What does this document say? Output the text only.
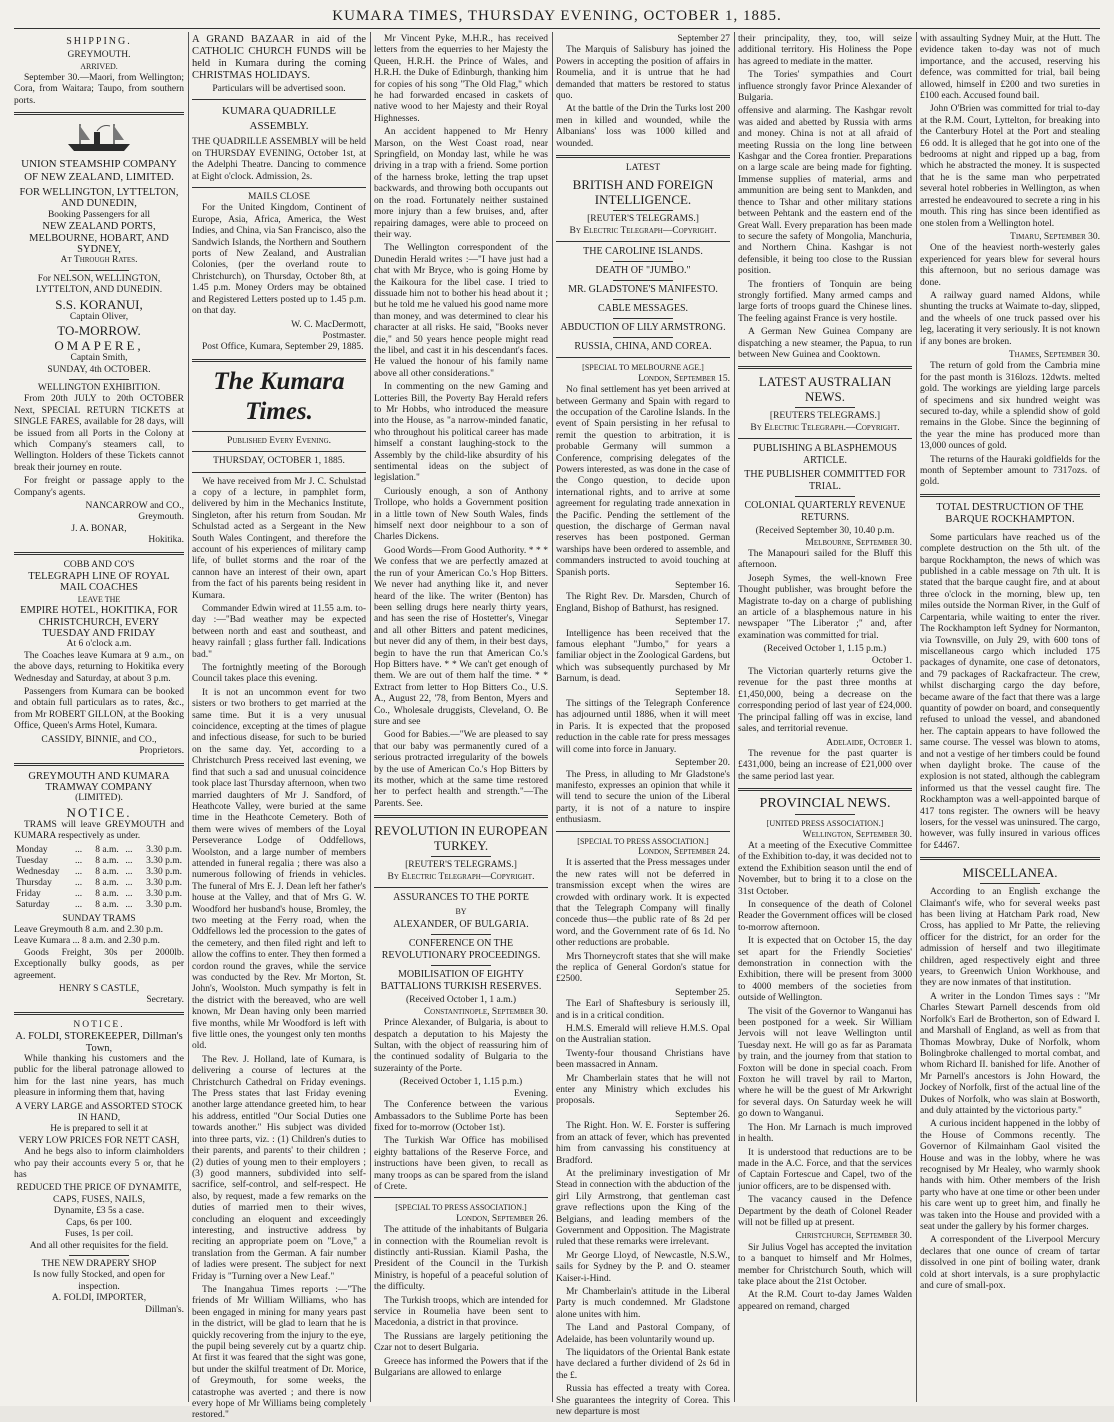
KUMARA TIMES, THURSDAY EVENING, OCTOBER 1, 1885.
SHIPPING.
GREYMOUTH.
ARRIVED.

September 30.—Maori, from Wellington; Cora, from Waitara; Taupo, from southern ports.

UNION STEAMSHIP COMPANY OF NEW ZEALAND, LIMITED.
FOR WELLINGTON, LYTTELTON, AND DUNEDIN,
Booking Passengers for all
NEW ZEALAND PORTS, MELBOURNE, HOBART, AND SYDNEY,
At Through Rates.
For NELSON, WELLINGTON, LYTTELTON, AND DUNEDIN.
S.S. KORANUI,
Captain Oliver,
TO-MORROW.
OMAPERE,
Captain Smith,
SUNDAY, 4th OCTOBER.
WELLINGTON EXHIBITION.

From 20th JULY to 20th OCTOBER Next, SPECIAL RETURN TICKETS at SINGLE FARES, available for 28 days, will be issued from all Ports in the Colony at which Company's steamers call, to Wellington. Holders of these Tickets cannot break their journey en route.

For freight or passage apply to the Company's agents.

NANCARROW and CO.,
Greymouth.
J. A. BONAR,
Hokitika.
COBB AND CO'S
TELEGRAPH LINE OF ROYAL MAIL COACHES
LEAVE THE
EMPIRE HOTEL, HOKITIKA, FOR CHRISTCHURCH, EVERY TUESDAY AND FRIDAY
At 6 o'clock a.m.

The Coaches leave Kumara at 9 a.m., on the above days, returning to Hokitika every Wednesday and Saturday, at about 3 p.m.

Passengers from Kumara can be booked and obtain full particulars as to rates, &c., from Mr ROBERT GILLON, at the Booking Office, Queen's Arms Hotel, Kumara.

CASSIDY, BINNIE, and CO.,
Proprietors.
GREYMOUTH AND KUMARA TRAMWAY COMPANY
(LIMITED).
NOTICE.

TRAMS will leave GREYMOUTH and KUMARA respectively as under.

Monday	...	8 a.m.	...	3.30 p.m.
Tuesday	...	8 a.m.	...	3.30 p.m.
Wednesday	...	8 a.m.	...	3.30 p.m.
Thursday	...	8 a.m.	...	3.30 p.m.
Friday	...	8 a.m.	...	3.30 p.m.
Saturday	...	8 a.m.	...	3.30 p.m.
SUNDAY TRAMS
Leave Greymouth 8 a.m. and 2.30 p.m.
Leave Kumara ... 8 a.m. and 2.30 p.m.

Goods Freight, 30s per 2000lb. Exceptionally bulky goods, as per agreement.

HENRY S CASTLE,
Secretary.
NOTICE.
A. FOLDI, STOREKEEPER, Dillman's Town,

While thanking his customers and the public for the liberal patronage allowed to him for the last nine years, has much pleasure in informing them that, having

A VERY LARGE and ASSORTED STOCK IN HAND,
He is prepared to sell it at
VERY LOW PRICES FOR NETT CASH,

And he begs also to inform claimholders who pay their accounts every 5 or, that he has

REDUCED THE PRICE OF DYNAMITE, CAPS, FUSES, NAILS,
Dynamite, £3 5s a case.
Caps, 6s per 100.
Fuses, 1s per coil.
And all other requisites for the field.
THE NEW DRAPERY SHOP
Is now fully Stocked, and open for inspection.
A. FOLDI, IMPORTER,
Dillman's.

A GRAND BAZAAR in aid of the CATHOLIC CHURCH FUNDS will be held in Kumara during the coming CHRISTMAS HOLIDAYS.

Particulars will be advertised soon.
KUMARA QUADRILLE ASSEMBLY.

THE QUADRILLE ASSEMBLY will be held on THURSDAY EVENING, October 1st, at the Adelphi Theatre. Dancing to commence at Eight o'clock. Admission, 2s.

MAILS CLOSE

For the United Kingdom, Continent of Europe, Asia, Africa, America, the West Indies, and China, via San Francisco, also the Sandwich Islands, the Northern and Southern ports of New Zealand, and Australian Colonies, (per the overland route to Christchurch), on Thursday, October 8th, at 1.45 p.m. Money Orders may be obtained and Registered Letters posted up to 1.45 p.m. on that day.

W. C. MacDermott,
Postmaster.

Post Office, Kumara, September 29, 1885.

The Kumara Times.
Published Every Evening.
THURSDAY, OCTOBER 1, 1885.

We have received from Mr J. C. Schulstad a copy of a lecture, in pamphlet form, delivered by him in the Mechanics Institute, Singleton, after his return from Soudan. Mr Schulstad acted as a Sergeant in the New South Wales Contingent, and therefore the account of his experiences of military camp life, of bullet storms and the roar of the cannon have an interest of their own, apart from the fact of his parents being resident in Kumara.

Commander Edwin wired at 11.55 a.m. to-day :—"Bad weather may be expected between north and east and southeast, and heavy rainfall ; glass further fall. Indications bad."

The fortnightly meeting of the Borough Council takes place this evening.

It is not an uncommon event for two sisters or two brothers to get married at the same time. But it is a very unusual coincidence, excepting at the times of plague and infectious disease, for such to be buried on the same day. Yet, according to a Christchurch Press received last evening, we find that such a sad and unusual coincidence took place last Thursday afternoon, when two married daughters of Mr J. Sandford, of Heathcote Valley, were buried at the same time in the Heathcote Cemetery. Both of them were wives of members of the Loyal Perseverance Lodge of Oddfellows, Woolston, and a large number of members attended in funeral regalia ; there was also a numerous following of friends in vehicles. The funeral of Mrs E. J. Dean left her father's house at the Valley, and that of Mrs G. W. Woodford her husband's house, Bromley, the two meeting at the Ferry road, when the Oddfellows led the procession to the gates of the cemetery, and then filed right and left to allow the coffins to enter. They then formed a cordon round the graves, while the service was conducted by the Rev. Mr Morton, St. John's, Woolston. Much sympathy is felt in the district with the bereaved, who are well known, Mr Dean having only been married five months, while Mr Woodford is left with five little ones, the youngest only ten months old.

The Rev. J. Holland, late of Kumara, is delivering a course of lectures at the Christchurch Cathedral on Friday evenings. The Press states that last Friday evening another large attendance greeted him, to hear his address, entitled "Our Social Duties one towards another." His subject was divided into three parts, viz. : (1) Children's duties to their parents, and parents' to their children ; (2) duties of young men to their employers ; (3) good manners, subdivided into self-sacrifice, self-control, and self-respect. He also, by request, made a few remarks on the duties of married men to their wives, concluding an eloquent and exceedingly interesting, and instructive address by reciting an appropriate poem on "Love," a translation from the German. A fair number of ladies were present. The subject for next Friday is "Turning over a New Leaf."

The Inangahua Times reports :—"The friends of Mr William Williams, who has been engaged in mining for many years past in the district, will be glad to learn that he is quickly recovering from the injury to the eye, the pupil being severely cut by a quartz chip. At first it was feared that the sight was gone, but under the skilful treatment of Dr. Morice, of Greymouth, for some weeks, the catastrophe was averted ; and there is now every hope of Mr Williams being completely restored."

Mr Vincent Pyke, M.H.R., has received letters from the equerries to her Majesty the Queen, H.R.H. the Prince of Wales, and H.R.H. the Duke of Edinburgh, thanking him for copies of his song "The Old Flag," which he had forwarded encased in caskets of native wood to her Majesty and their Royal Highnesses.

An accident happened to Mr Henry Marson, on the West Coast road, near Springfield, on Monday last, while he was driving in a trap with a friend. Some portion of the harness broke, letting the trap upset backwards, and throwing both occupants out on the road. Fortunately neither sustained more injury than a few bruises, and, after repairing damages, were able to proceed on their way.

The Wellington correspondent of the Dunedin Herald writes :—"I have just had a chat with Mr Bryce, who is going Home by the Kaikoura for the libel case. I tried to dissuade him not to bother his head about it ; but he told me he valued his good name more than money, and was determined to clear his character at all risks. He said, "Books never die," and 50 years hence people might read the libel, and cast it in his descendant's faces. He valued the honour of his family name above all other considerations."

In commenting on the new Gaming and Lotteries Bill, the Poverty Bay Herald refers to Mr Hobbs, who introduced the measure into the House, as "a narrow-minded fanatic, who throughout his political career has made himself a constant laughing-stock to the Assembly by the child-like absurdity of his sentimental ideas on the subject of legislation."

Curiously enough, a son of Anthony Trollope, who holds a Government position in a little town of New South Wales, finds himself next door neighbour to a son of Charles Dickens.

Good Words—From Good Authority. * * * We confess that we are perfectly amazed at the run of your American Co.'s Hop Bitters. We never had anything like it, and never heard of the like. The writer (Benton) has been selling drugs here nearly thirty years, and has seen the rise of Hostetter's, Vinegar and all other Bitters and patent medicines, but never did any of them, in their best days, begin to have the run that American Co.'s Hop Bitters have. * * We can't get enough of them. We are out of them half the time. * * Extract from letter to Hop Bitters Co., U.S. A., August 22, '78, from Benton, Myers and Co., Wholesale druggists, Cleveland, O. Be sure and see

Good for Babies.—"We are pleased to say that our baby was permanently cured of a serious protracted irregularity of the bowels by the use of American Co.'s Hop Bitters by its mother, which at the same time restored her to perfect health and strength."—The Parents. See.

REVOLUTION IN EUROPEAN TURKEY.
[REUTER'S TELEGRAMS.]
By Electric Telegraph—Copyright.
ASSURANCES TO THE PORTE
BY
ALEXANDER, OF BULGARIA.
CONFERENCE ON THE REVOLUTIONARY PROCEEDINGS.
MOBILISATION OF EIGHTY BATTALIONS TURKISH RESERVES.
(Received October 1, 1 a.m.)
Constantinople, September 30.

Prince Alexander, of Bulgaria, is about to despatch a deputation to his Majesty the Sultan, with the object of reassuring him of the continued sodality of Bulgaria to the suzerainty of the Porte.

(Received October 1, 1.15 p.m.)
Evening.

The Conference between the various Ambassadors to the Sublime Porte has been fixed for to-morrow (October 1st).

The Turkish War Office has mobilised eighty battalions of the Reserve Force, and instructions have been given, to recall as many troops as can be spared from the island of Crete.

[SPECIAL TO PRESS ASSOCIATION.]
London, September 26.

The attitude of the inhabitants of Bulgaria in connection with the Roumelian revolt is distinctly anti-Russian. Kiamil Pasha, the President of the Council in the Turkish Ministry, is hopeful of a peaceful solution of the difficulty.

The Turkish troops, which are intended for service in Roumelia have been sent to Macedonia, a district in that province.

The Russians are largely petitioning the Czar not to desert Bulgaria.

Greece has informed the Powers that if the Bulgarians are allowed to enlarge

September 27

The Marquis of Salisbury has joined the Powers in accepting the position of affairs in Roumelia, and it is untrue that he had demanded that matters be restored to status quo.

At the battle of the Drin the Turks lost 200 men in killed and wounded, while the Albanians' loss was 1000 killed and wounded.

LATEST
BRITISH AND FOREIGN INTELLIGENCE.
[REUTER'S TELEGRAMS.]
By Electric Telegraph—Copyright.
THE CAROLINE ISLANDS.
DEATH OF "JUMBO."
MR. GLADSTONE'S MANIFESTO.
CABLE MESSAGES.
ABDUCTION OF LILY ARMSTRONG.
RUSSIA, CHINA, AND COREA.
[SPECIAL TO MELBOURNE AGE.]
London, September 15.

No final settlement has yet been arrived at between Germany and Spain with regard to the occupation of the Caroline Islands. In the event of Spain persisting in her refusal to remit the question to arbitration, it is probable Germany will summon a Conference, comprising delegates of the Powers interested, as was done in the case of the Congo question, to decide upon international rights, and to arrive at some agreement for regulating trade annexation in the Pacific. Pending the settlement of the question, the discharge of German naval reserves has been postponed. German warships have been ordered to assemble, and commanders instructed to avoid touching at Spanish ports.

September 16.

The Right Rev. Dr. Marsden, Church of England, Bishop of Bathurst, has resigned.

September 17.

Intelligence has been received that the famous elephant "Jumbo," for years a familiar object in the Zoological Gardens, but which was subsequently purchased by Mr Barnum, is dead.

September 18.

The sittings of the Telegraph Conference has adjourned until 1886, when it will meet in Paris. It is expected that the proposed reduction in the cable rate for press messages will come into force in January.

September 20.

The Press, in alluding to Mr Gladstone's manifesto, expresses an opinion that while it will tend to secure the union of the Liberal party, it is not of a nature to inspire enthusiasm.

[SPECIAL TO PRESS ASSOCIATION.]
London, September 24.

It is asserted that the Press messages under the new rates will not be deferred in transmission except when the wires are crowded with ordinary work. It is expected that the Telegraph Company will finally concede thus—the public rate of 8s 2d per word, and the Government rate of 6s 1d. No other reductions are probable.

Mrs Thorneycroft states that she will make the replica of General Gordon's statue for £2500.

September 25.

The Earl of Shaftesbury is seriously ill, and is in a critical condition.

H.M.S. Emerald will relieve H.M.S. Opal on the Australian station.

Twenty-four thousand Christians have been massacred in Annam.

Mr Chamberlain states that he will not enter any Ministry which excludes his proposals.

September 26.

The Right. Hon. W. E. Forster is suffering from an attack of fever, which has prevented him from canvassing his constituency at Bradford.

At the preliminary investigation of Mr Stead in connection with the abduction of the girl Lily Armstrong, that gentleman cast grave reflections upon the King of the Belgians, and leading members of the Government and Opposition. The Magistrate ruled that these remarks were irrelevant.

Mr George Lloyd, of Newcastle, N.S.W., sails for Sydney by the P. and O. steamer Kaiser-i-Hind.

Mr Chamberlain's attitude in the Liberal Party is much condemned. Mr Gladstone alone unites with him.

The Land and Pastoral Company, of Adelaide, has been voluntarily wound up.

The liquidators of the Oriental Bank estate have declared a further dividend of 2s 6d in the £.

Russia has effected a treaty with Corea. She guarantees the integrity of Corea. This new departure is most

their principality, they, too, will seize additional territory. His Holiness the Pope has agreed to mediate in the matter.

The Tories' sympathies and Court influence strongly favor Prince Alexander of Bulgaria.

offensive and alarming. The Kashgar revolt was aided and abetted by Russia with arms and money. China is not at all afraid of meeting Russia on the long line between Kashgar and the Corea frontier. Preparations on a large scale are being made for fighting. Immense supplies of material, arms and ammunition are being sent to Mankden, and thence to Tshar and other military stations between Pehtank and the eastern end of the Great Wall. Every preparation has been made to secure the safety of Mongolia, Manchuria, and Northern China. Kashgar is not defensible, it being too close to the Russian position.

The frontiers of Tonquin are being strongly fortified. Many armed camps and large forts of troops guard the Chinese lines. The feeling against France is very hostile.

A German New Guinea Company are dispatching a new steamer, the Papua, to run between New Guinea and Cooktown.

LATEST AUSTRALIAN NEWS.
[REUTERS TELEGRAMS.]
By Electric Telegraph.—Copyright.
PUBLISHING A BLASPHEMOUS ARTICLE.
THE PUBLISHER COMMITTED FOR TRIAL.
COLONIAL QUARTERLY REVENUE RETURNS.
(Received September 30, 10.40 p.m.
Melbourne, September 30.

The Manapouri sailed for the Bluff this afternoon.

Joseph Symes, the well-known Free Thought publisher, was brought before the Magistrate to-day on a charge of publishing an article of a blasphemous nature in his newspaper "The Liberator ;" and, after examination was committed for trial.

(Received October 1, 1.15 p.m.)
October 1.

The Victorian quarterly returns give the revenue for the past three months at £1,450,000, being a decrease on the corresponding period of last year of £24,000. The principal falling off was in excise, land sales, and territorial revenue.

Adelaide, October 1.

The revenue for the past quarter is £431,000, being an increase of £21,000 over the same period last year.

PROVINCIAL NEWS.
[UNITED PRESS ASSOCIATION.]
Wellington, September 30.

At a meeting of the Executive Committee of the Exhibition to-day, it was decided not to extend the Exhibition season until the end of November, but to bring it to a close on the 31st October.

In consequence of the death of Colonel Reader the Government offices will be closed to-morrow afternoon.

It is expected that on October 15, the day set apart for the Friendly Societies' demonstration in connection with the Exhibition, there will be present from 3000 to 4000 members of the societies from outside of Wellington.

The visit of the Governor to Wanganui has been postponed for a week. Sir William Jervois will not leave Wellington until Tuesday next. He will go as far as Paramata by train, and the journey from that station to Foxton will be done in special coach. From Foxton he will travel by rail to Marton, where he will be the guest of Mr Arkwright for several days. On Saturday week he will go down to Wanganui.

The Hon. Mr Larnach is much improved in health.

It is understood that reductions are to be made in the A.C. Force, and that the services of Captain Fortescue and Capel, two of the junior officers, are to be dispensed with.

The vacancy caused in the Defence Department by the death of Colonel Reader will not be filled up at present.

Christchurch, September 30.

Sir Julius Vogel has accepted the invitation to a banquet to himself and Mr Holmes, member for Christchurch South, which will take place about the 21st October.

At the R.M. Court to-day James Walden appeared on remand, charged

with assaulting Sydney Muir, at the Hutt. The evidence taken to-day was not of much importance, and the accused, reserving his defence, was committed for trial, bail being allowed, himself in £200 and two sureties in £100 each. Accused found bail.

John O'Brien was committed for trial to-day at the R.M. Court, Lyttelton, for breaking into the Canterbury Hotel at the Port and stealing £6 odd. It is alleged that he got into one of the bedrooms at night and ripped up a bag, from which he abstracted the money. It is suspected that he is the same man who perpetrated several hotel robberies in Wellington, as when arrested he endeavoured to secrete a ring in his mouth. This ring has since been identified as one stolen from a Wellington hotel.

Timaru, September 30.

One of the heaviest north-westerly gales experienced for years blew for several hours this afternoon, but no serious damage was done.

A railway guard named Aldons, while shunting the trucks at Waimate to-day, slipped, and the wheels of one truck passed over his leg, lacerating it very seriously. It is not known if any bones are broken.

Thames, September 30.

The return of gold from the Cambria mine for the past month is 316lozs. 12dwts. melted gold. The workings are yielding large parcels of specimens and six hundred weight was secured to-day, while a splendid show of gold remains in the Globe. Since the beginning of the year the mine has produced more than 13,000 ounces of gold.

The returns of the Hauraki goldfields for the month of September amount to 7317ozs. of gold.

TOTAL DESTRUCTION OF THE BARQUE ROCKHAMPTON.

Some particulars have reached us of the complete destruction on the 5th ult. of the barque Rockhampton, the news of which was published in a cable message on 7th ult. It is stated that the barque caught fire, and at about three o'clock in the morning, blew up, ten miles outside the Norman River, in the Gulf of Carpentaria, while waiting to enter the river. The Rockhampton left Sydney for Normanton, via Townsville, on July 29, with 600 tons of miscellaneous cargo which included 175 packages of dynamite, one case of detonators, and 79 packages of Rackafracteur. The crew, whilst discharging cargo the day before, became aware of the fact that there was a large quantity of powder on board, and consequently refused to unload the vessel, and abandoned her. The captain appears to have followed the same course. The vessel was blown to atoms, and not a vestige of her timbers could be found when daylight broke. The cause of the explosion is not stated, although the cablegram informed us that the vessel caught fire. The Rockhampton was a well-appointed barque of 417 tons register. The owners will be heavy losers, for the vessel was uninsured. The cargo, however, was fully insured in various offices for £4467.

MISCELLANEA.

According to an English exchange the Claimant's wife, who for several weeks past has been living at Hatcham Park road, New Cross, has applied to Mr Patte, the relieving officer for the district, for an order for the admission of herself and two illegitimate children, aged respectively eight and three years, to Greenwich Union Workhouse, and they are now inmates of that institution.

A writer in the London Times says : "Mr Charles Stewart Parnell descends from old Norfolk's Earl de Brotherton, son of Edward I. and Marshall of England, as well as from that Thomas Mowbray, Duke of Norfolk, whom Bolingbroke challenged to mortal combat, and whom Richard II. banished for life. Another of Mr Parnell's ancestors is John Howard, the Jockey of Norfolk, first of the actual line of the Dukes of Norfolk, who was slain at Bosworth, and duly attainted by the victorious party."

A curious incident happened in the lobby of the House of Commons recently. The Governor of Kilmainham Gaol visited the House and was in the lobby, where he was recognised by Mr Healey, who warmly shook hands with him. Other members of the Irish party who have at one time or other been under his care went up to greet him, and finally he was taken into the House and provided with a seat under the gallery by his former charges.

A correspondent of the Liverpool Mercury declares that one ounce of cream of tartar dissolved in one pint of boiling water, drank cold at short intervals, is a sure prophylactic and cure of small-pox.
